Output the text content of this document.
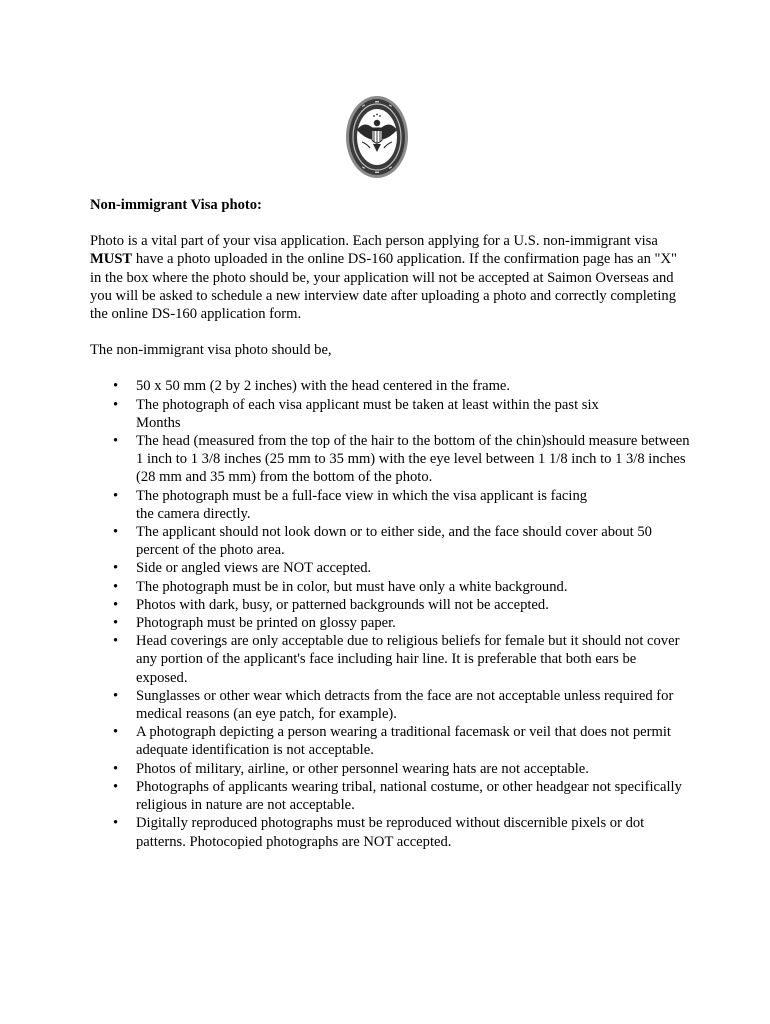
Non-immigrant Visa photo:

Photo is a vital part of your visa application. Each person applying for a U.S. non-immigrant visa
MUST have a photo uploaded in the online DS-160 application. If the confirmation page has an "X" in the box where the photo should be, your application will not be accepted at Saimon Overseas and you will be asked to schedule a new interview date after uploading a photo and correctly completing the online DS-160 application form.

The non-immigrant visa photo should be,

• 50 x 50 mm (2 by 2 inches) with the head centered in the frame.
• The photograph of each visa applicant must be taken at least within the past six
Months
• The head (measured from the top of the hair to the bottom of the chin)should measure between 1 inch to 1 3/8 inches (25 mm to 35 mm) with the eye level between 1 1/8 inch to 1 3/8 inches (28 mm and 35 mm) from the bottom of the photo.
• The photograph must be a full-face view in which the visa applicant is facing
the camera directly.
• The applicant should not look down or to either side, and the face should cover about 50 percent of the photo area.
• Side or angled views are NOT accepted.
• The photograph must be in color, but must have only a white background.
• Photos with dark, busy, or patterned backgrounds will not be accepted.
• Photograph must be printed on glossy paper.
• Head coverings are only acceptable due to religious beliefs for female but it should not cover any portion of the applicant's face including hair line. It is preferable that both ears be exposed.
• Sunglasses or other wear which detracts from the face are not acceptable unless required for medical reasons (an eye patch, for example).
• A photograph depicting a person wearing a traditional facemask or veil that does not permit adequate identification is not acceptable.
• Photos of military, airline, or other personnel wearing hats are not acceptable.
• Photographs of applicants wearing tribal, national costume, or other headgear not specifically religious in nature are not acceptable.
• Digitally reproduced photographs must be reproduced without discernible pixels or dot patterns. Photocopied photographs are NOT accepted.
